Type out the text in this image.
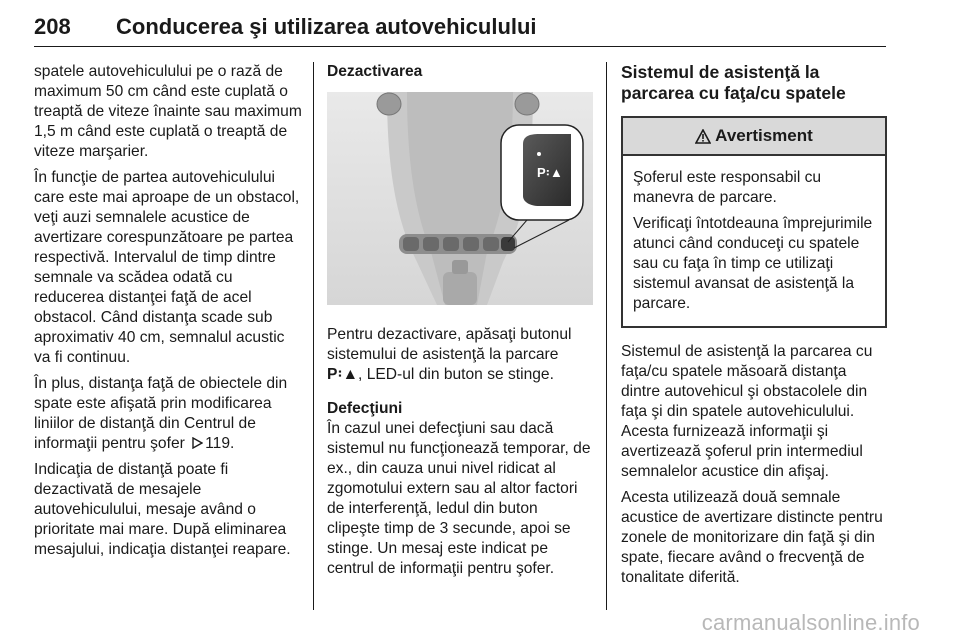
208	Conducerea şi utilizarea autovehiculului

spatele autovehiculului pe o rază de maximum 50 cm când este cuplată o treaptă de viteze înainte sau maximum 1,5 m când este cuplată o treaptă de viteze marşarier.

În funcţie de partea autovehiculului care este mai aproape de un obstacol, veţi auzi semnalele acustice de avertizare corespunzătoare pe partea respectivă. Intervalul de timp dintre semnale va scădea odată cu reducerea distanţei faţă de acel obstacol. Când distanţa scade sub aproximativ 40 cm, semnalul acustic va fi continuu.

În plus, distanţa faţă de obiectele din spate este afişată prin modificarea liniilor de distanţă din Centrul de informaţii pentru şofer 119.

Indicaţia de distanţă poate fi dezactivată de mesajele autovehiculului, mesaje având o prioritate mai mare. După eliminarea mesajului, indicaţia distanţei reapare.

Dezactivarea
P꞉▲

Pentru dezactivare, apăsaţi butonul sistemului de asistenţă la parcare P꞉▲, LED-ul din buton se stinge.

Defecţiuni
În cazul unei defecţiuni sau dacă sistemul nu funcţionează temporar, de ex., din cauza unui nivel ridicat al zgomotului extern sau al altor factori de interferenţă, ledul din buton clipeşte timp de 3 secunde, apoi se stinge. Un mesaj este indicat pe centrul de informaţii pentru şofer.

Sistemul de asistenţă la parcarea cu faţa/cu spatele
Avertisment

Şoferul este responsabil cu manevra de parcare.

Verificaţi întotdeauna împrejurimile atunci când conduceţi cu spatele sau cu faţa în timp ce utilizaţi sistemul avansat de asistenţă la parcare.

Sistemul de asistenţă la parcarea cu faţa/cu spatele măsoară distanţa dintre autovehicul şi obstacolele din faţa şi din spatele autovehiculului. Acesta furnizează informaţii şi avertizează şoferul prin intermediul semnalelor acustice din afişaj.

Acesta utilizează două semnale acustice de avertizare distincte pentru zonele de monitorizare din faţă şi din spate, fiecare având o frecvenţă de tonalitate diferită.

carmanualsonline.info
